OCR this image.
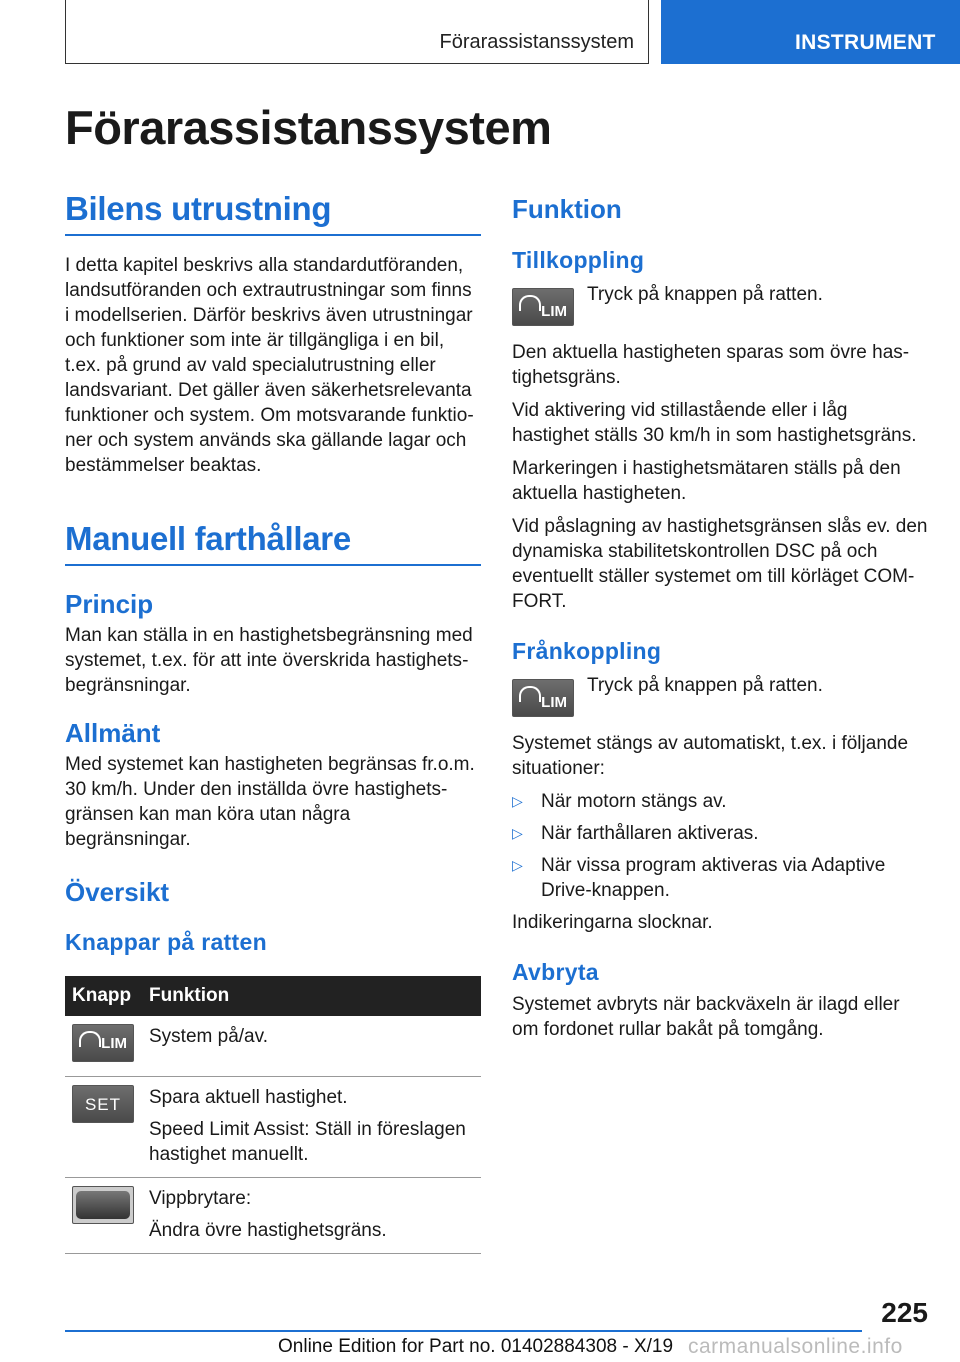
Förarassistanssystem	INSTRUMENT
Förarassistanssystem
Bilens utrustning

I detta kapitel beskrivs alla standardutföranden, landsutföranden och extrautrustningar som finns i modellserien. Därför beskrivs även utrustningar och funktioner som inte är tillgängliga i en bil, t.ex. på grund av vald specialutrustning eller landsvariant. Det gäller även säkerhetsrelevanta funktioner och system. Om motsvarande funktioner och system används ska gällande lagar och bestämmelser beaktas.

Manuell farthållare
Princip

Man kan ställa in en hastighetsbegränsning med systemet, t.ex. för att inte överskrida hastighetsbegränsningar.

Allmänt

Med systemet kan hastigheten begränsas fr.o.m. 30 km/h. Under den inställda övre hastighetsgränsen kan man köra utan några begränsningar.

Översikt
Knappar på ratten
Knapp	Funktion

LIM	System på/av.

SET	Spara aktuell hastighet.

Speed Limit Assist: Ställ in föreslagen hastighet manuellt.

	Vippbrytare:

Ändra övre hastighetsgräns.

Funktion
Tillkoppling
LIM

Tryck på knappen på ratten.

Den aktuella hastigheten sparas som övre hastighetsgräns.

Vid aktivering vid stillastående eller i låg hastighet ställs 30 km/h in som hastighetsgräns.

Markeringen i hastighetsmätaren ställs på den aktuella hastigheten.

Vid påslagning av hastighetsgränsen slås ev. den dynamiska stabilitetskontrollen DSC på och eventuellt ställer systemet om till körläget COMFORT.

Frånkoppling
LIM

Tryck på knappen på ratten.

Systemet stängs av automatiskt, t.ex. i följande situationer:

▷ När motorn stängs av.
▷ När farthållaren aktiveras.
▷ När vissa program aktiveras via Adaptive Drive-knappen.

Indikeringarna slocknar.

Avbryta

Systemet avbryts när backväxeln är ilagd eller om fordonet rullar bakåt på tomgång.

225
Online Edition for Part no. 01402884308 - X/19 carmanualsonline.info
